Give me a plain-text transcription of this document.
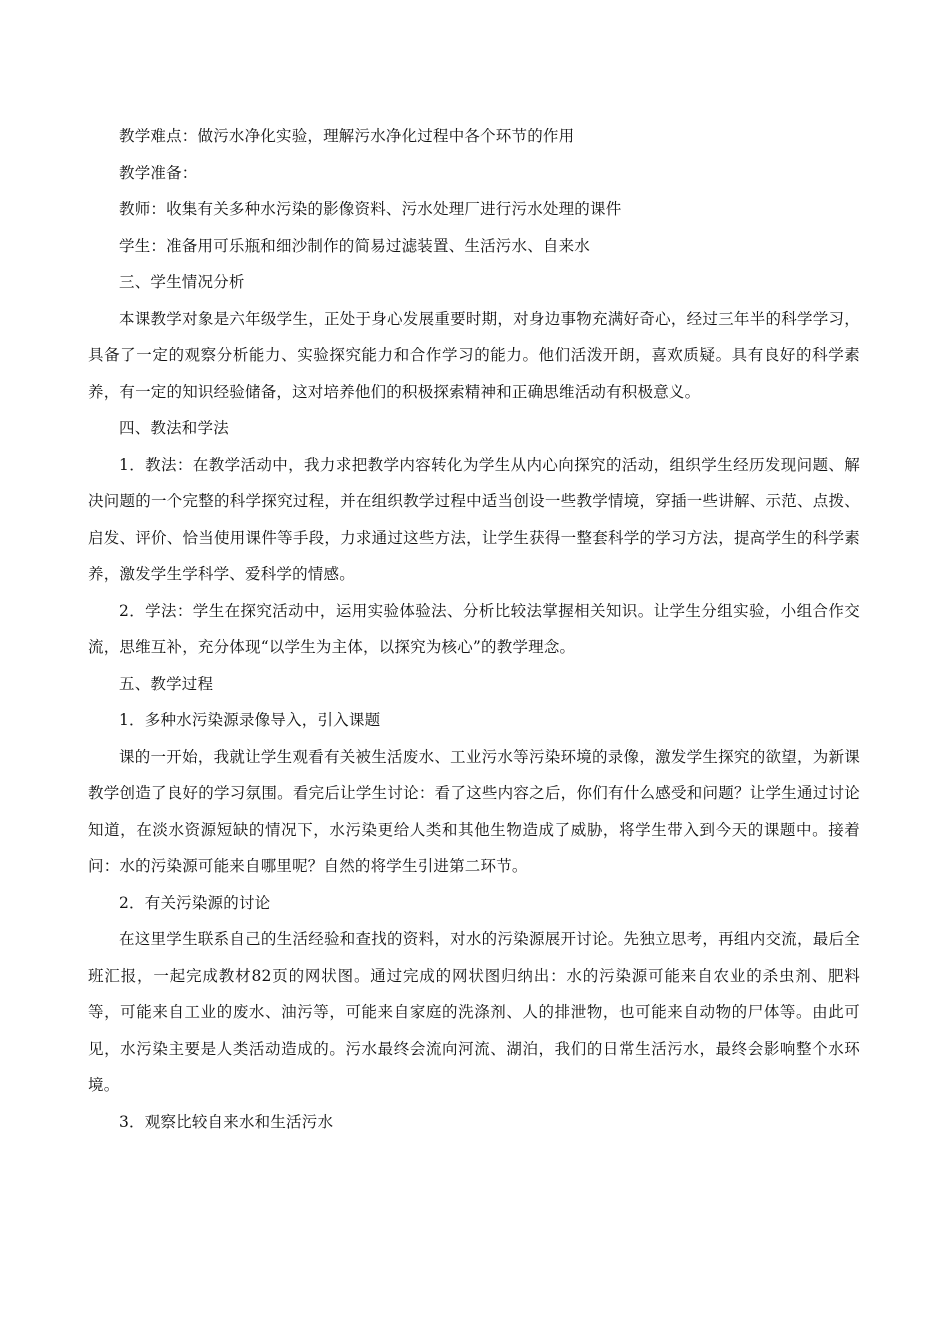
教学难点：做污水净化实验，理解污水净化过程中各个环节的作用

教学准备：

教师：收集有关多种水污染的影像资料、污水处理厂进行污水处理的课件

学生：准备用可乐瓶和细沙制作的简易过滤装置、生活污水、自来水

三、学生情况分析

本课教学对象是六年级学生，正处于身心发展重要时期，对身边事物充满好奇心，经过三年半的科学学习，具备了一定的观察分析能力、实验探究能力和合作学习的能力。他们活泼开朗，喜欢质疑。具有良好的科学素养，有一定的知识经验储备，这对培养他们的积极探索精神和正确思维活动有积极意义。

四、教法和学法

1．教法：在教学活动中，我力求把教学内容转化为学生从内心向探究的活动，组织学生经历发现问题、解决问题的一个完整的科学探究过程，并在组织教学过程中适当创设一些教学情境，穿插一些讲解、示范、点拨、启发、评价、恰当使用课件等手段，力求通过这些方法，让学生获得一整套科学的学习方法，提高学生的科学素养，激发学生学科学、爱科学的情感。

2．学法：学生在探究活动中，运用实验体验法、分析比较法掌握相关知识。让学生分组实验，小组合作交流，思维互补，充分体现“以学生为主体，以探究为核心”的教学理念。

五、教学过程

1．多种水污染源录像导入，引入课题

课的一开始，我就让学生观看有关被生活废水、工业污水等污染环境的录像，激发学生探究的欲望，为新课教学创造了良好的学习氛围。看完后让学生讨论：看了这些内容之后，你们有什么感受和问题？让学生通过讨论知道，在淡水资源短缺的情况下，水污染更给人类和其他生物造成了威胁，将学生带入到今天的课题中。接着问：水的污染源可能来自哪里呢？自然的将学生引进第二环节。

2．有关污染源的讨论

在这里学生联系自己的生活经验和查找的资料，对水的污染源展开讨论。先独立思考，再组内交流，最后全班汇报，一起完成教材82页的网状图。通过完成的网状图归纳出：水的污染源可能来自农业的杀虫剂、肥料等，可能来自工业的废水、油污等，可能来自家庭的洗涤剂、人的排泄物，也可能来自动物的尸体等。由此可见，水污染主要是人类活动造成的。污水最终会流向河流、湖泊，我们的日常生活污水，最终会影响整个水环境。

3．观察比较自来水和生活污水
